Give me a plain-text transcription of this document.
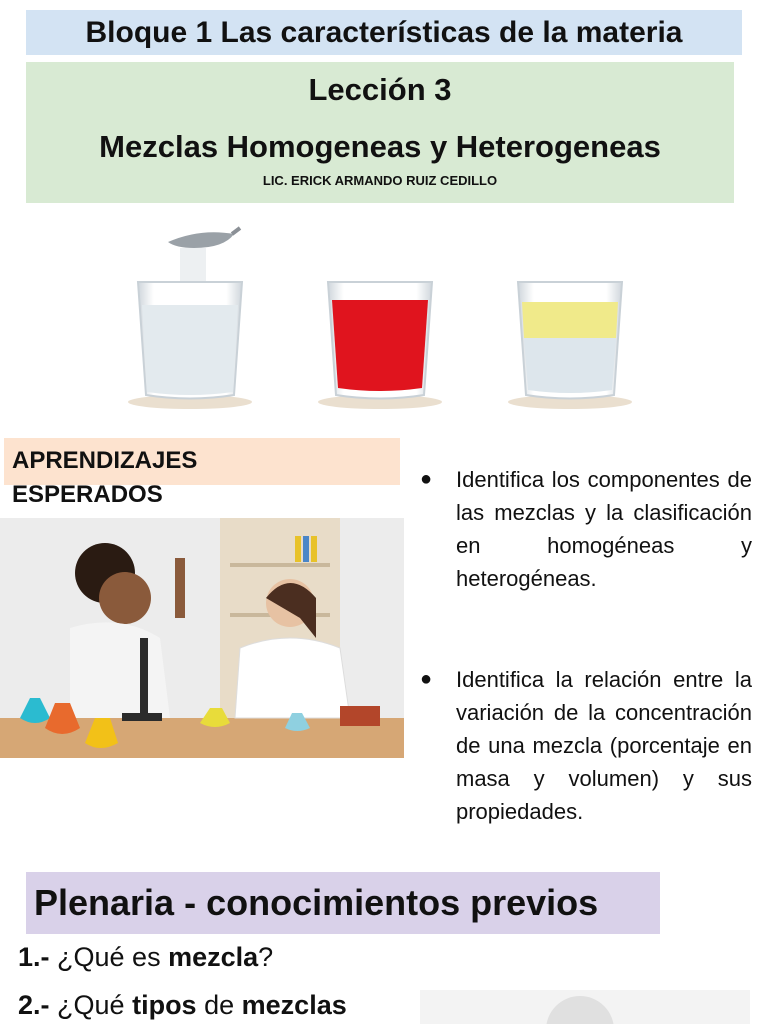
Bloque 1 Las características de la materia
Lección 3
Mezclas Homogeneas y Heterogeneas
LIC. ERICK ARMANDO RUIZ CEDILLO
APRENDIZAJES
ESPERADOS
● Identifica los componentes de las mezclas y la clasificación en homogéneas y heterogéneas.
● Identifica la relación entre la variación de la concentración de una mezcla (porcentaje en masa y volumen) y sus propiedades.
Plenaria - conocimientos previos
1.- ¿Qué es mezcla?
2.- ¿Qué tipos de mezclas
